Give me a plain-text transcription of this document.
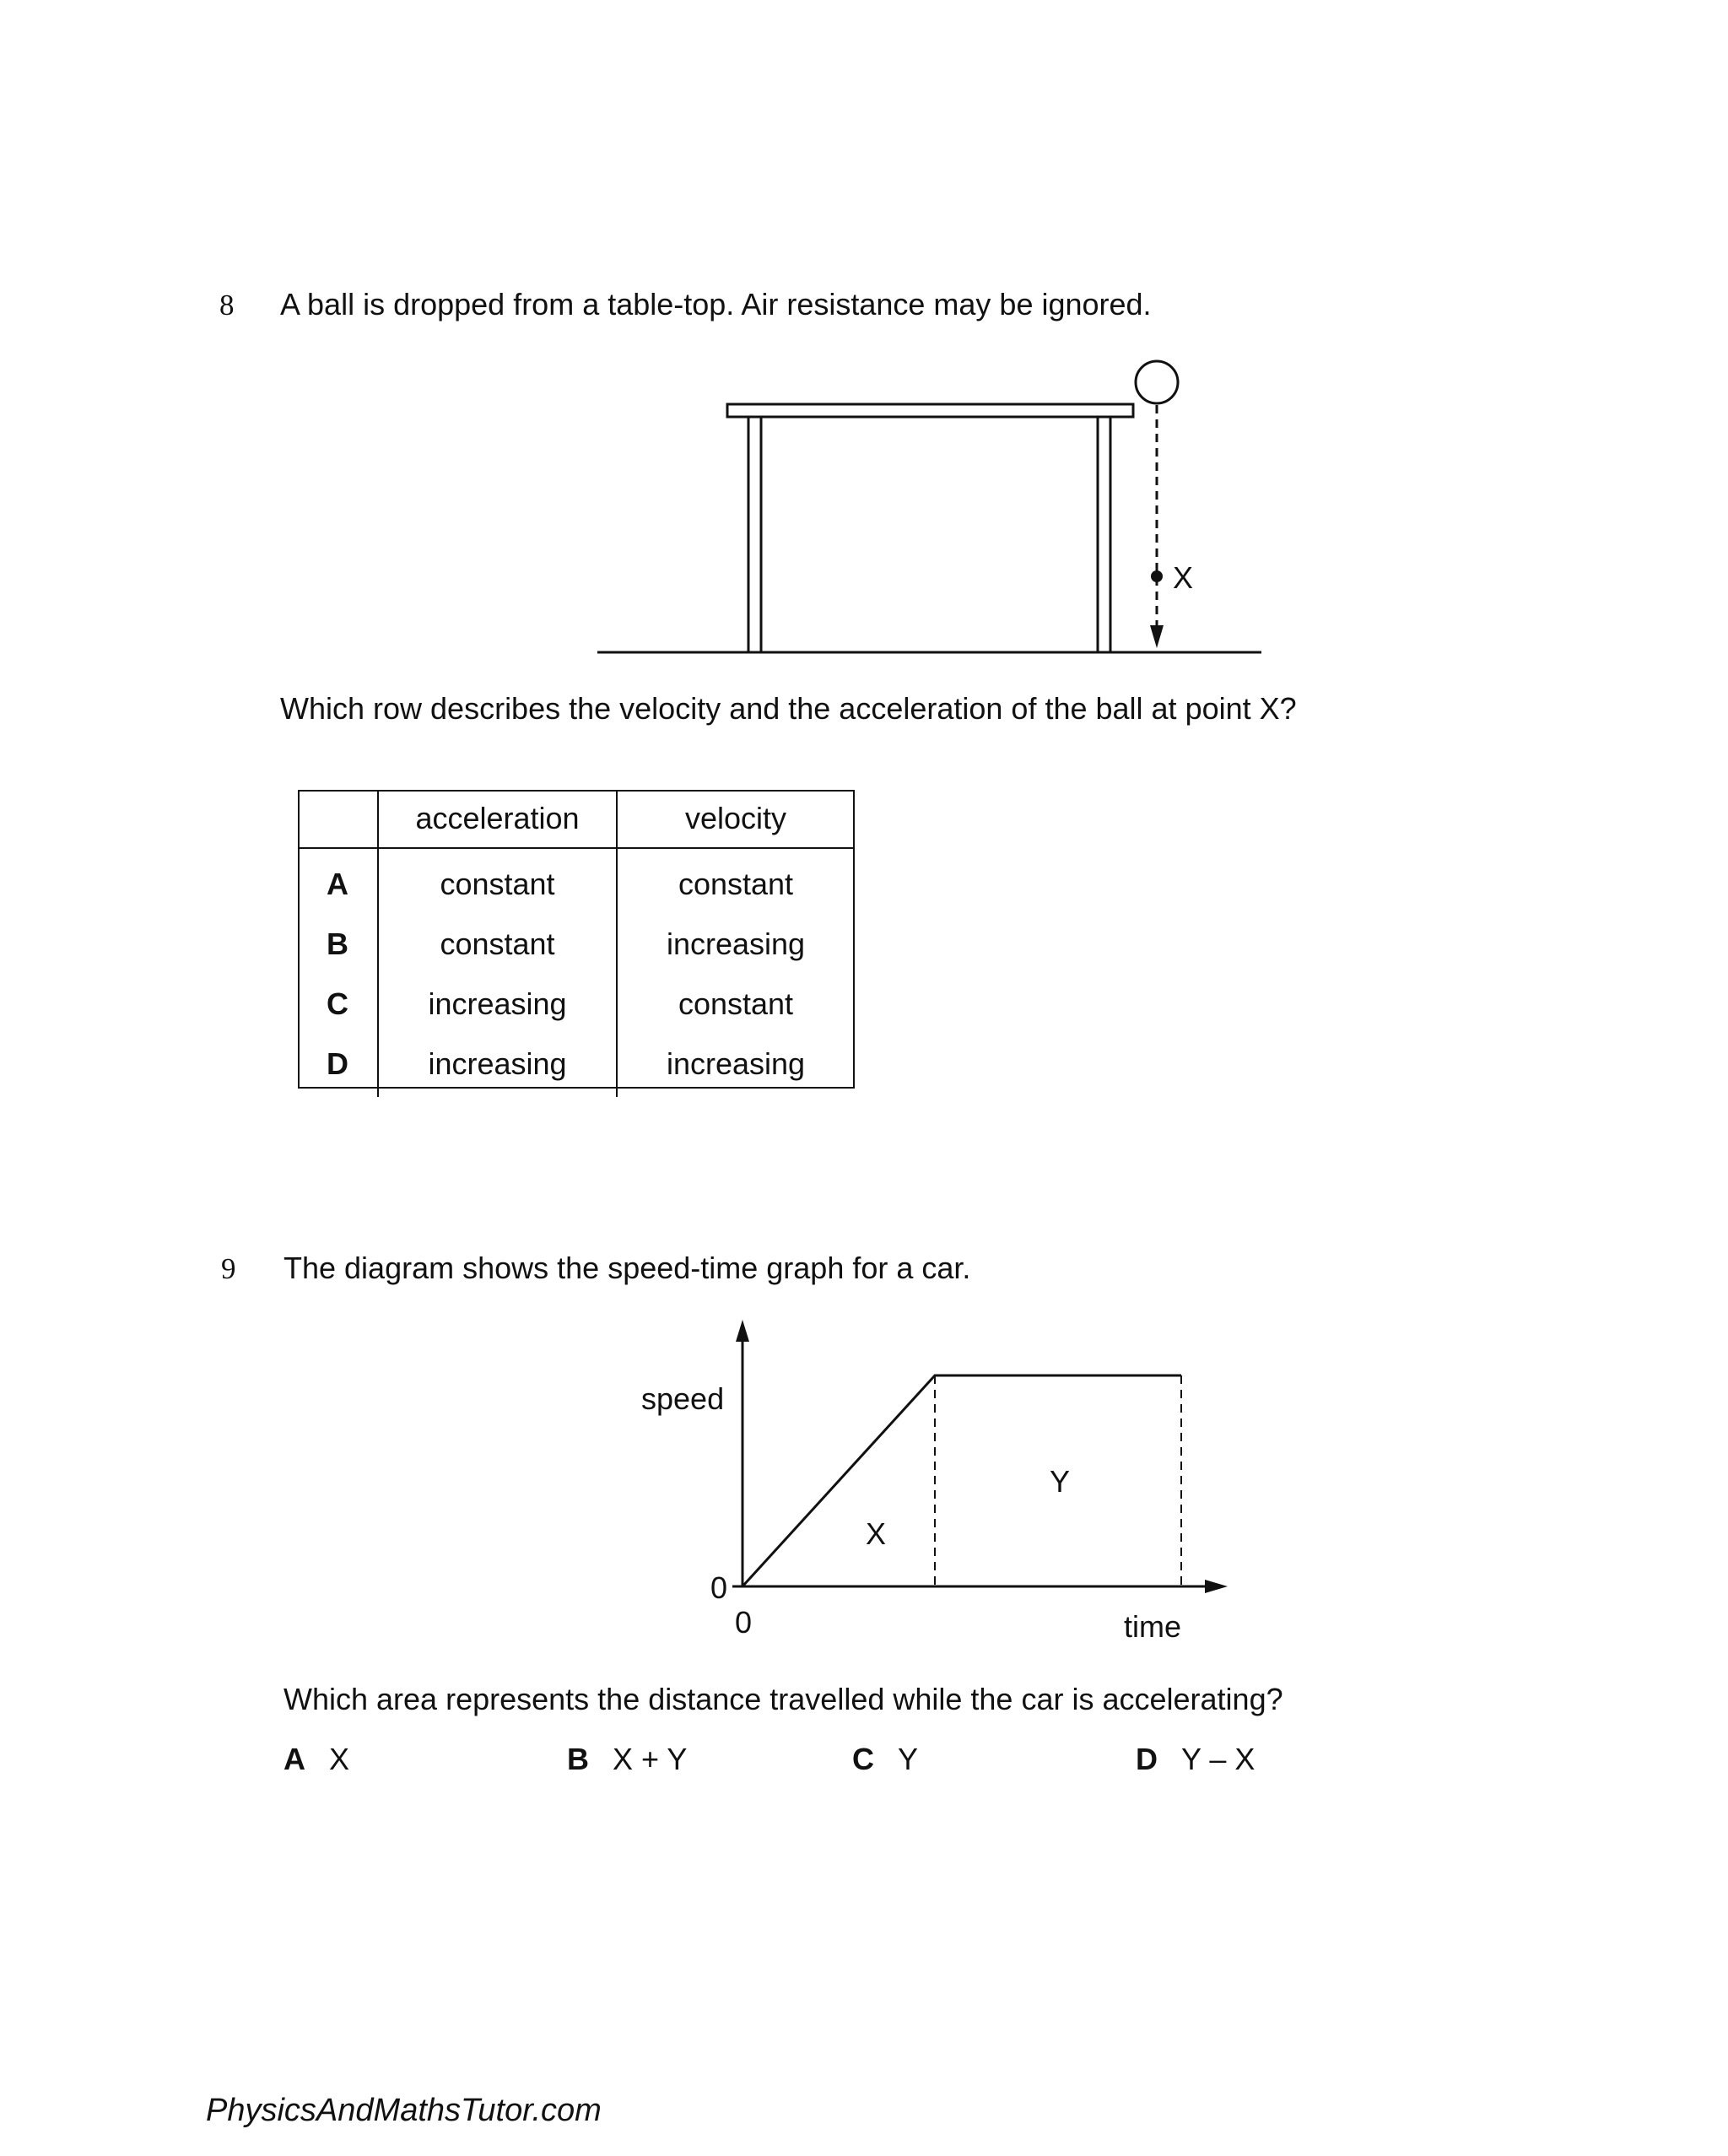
8 A ball is dropped from a table-top. Air resistance may be ignored.
X
Which row describes the velocity and the acceleration of the ball at point X?
	acceleration	velocity
A	constant	constant
B	constant	increasing
C	increasing	constant
D	increasing	increasing
9 The diagram shows the speed-time graph for a car.
speed
time
0
0
X
Y
Which area represents the distance travelled while the car is accelerating?
A X	B X + Y	C Y	D Y – X
PhysicsAndMathsTutor.com
